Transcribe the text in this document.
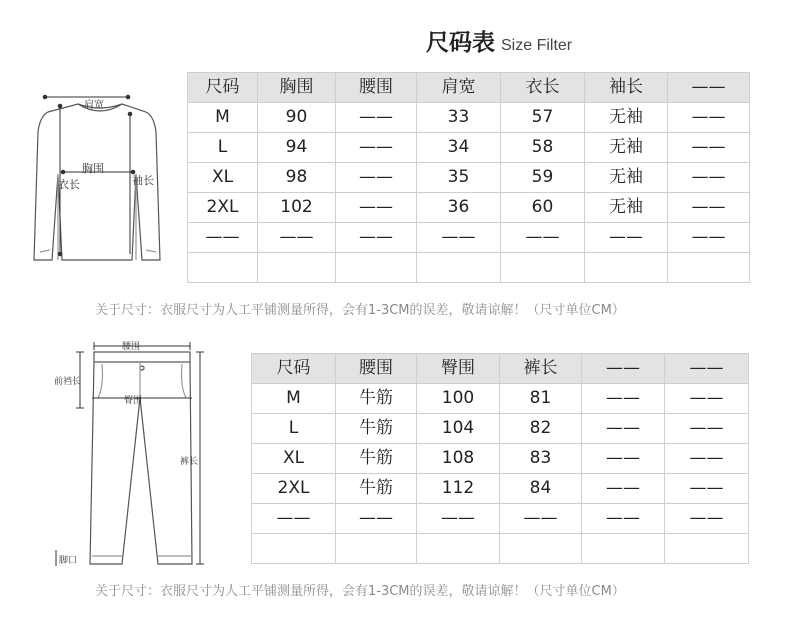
尺码表 Size Filter
肩宽
胸围
衣长	袖长
尺码	胸围	腰围	肩宽	衣长	袖长	——
M	90	——	33	57	无袖	——
L	94	——	34	58	无袖	——
XL	98	——	35	59	无袖	——
2XL	102	——	36	60	无袖	——
——	——	——	——	——	——	——

关于尺寸：衣服尺寸为人工平铺测量所得，会有1-3CM的误差，敬请谅解！（尺寸单位CM）
腰围
前裆长
臀围
裤长
脚口
尺码	腰围	臀围	裤长	——	——
M	牛筋	100	81	——	——
L	牛筋	104	82	——	——
XL	牛筋	108	83	——	——
2XL	牛筋	112	84	——	——
——	——	——	——	——	——

关于尺寸：衣服尺寸为人工平铺测量所得，会有1-3CM的误差，敬请谅解！（尺寸单位CM）
